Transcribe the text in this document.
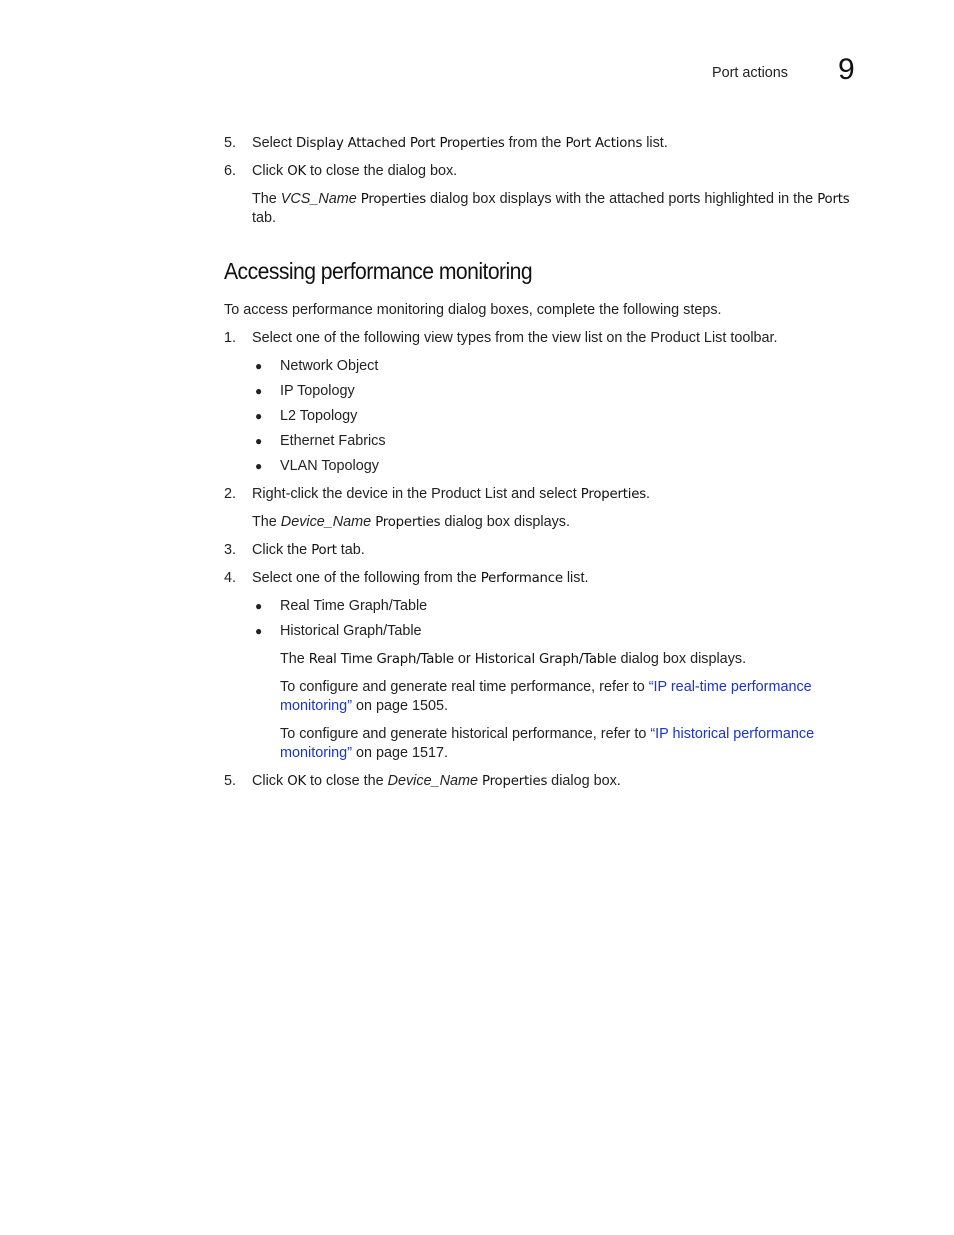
Port actions 9
5. Select Display Attached Port Properties from the Port Actions list.
6. Click OK to close the dialog box.
The VCS_Name Properties dialog box displays with the attached ports highlighted in the Ports tab.
Accessing performance monitoring
To access performance monitoring dialog boxes, complete the following steps.
1. Select one of the following view types from the view list on the Product List toolbar.
● Network Object
● IP Topology
● L2 Topology
● Ethernet Fabrics
● VLAN Topology
2. Right-click the device in the Product List and select Properties.
The Device_Name Properties dialog box displays.
3. Click the Port tab.
4. Select one of the following from the Performance list.
● Real Time Graph/Table
● Historical Graph/Table
The Real Time Graph/Table or Historical Graph/Table dialog box displays.
To configure and generate real time performance, refer to “IP real-time performance monitoring” on page 1505.
To configure and generate historical performance, refer to “IP historical performance monitoring” on page 1517.
5. Click OK to close the Device_Name Properties dialog box.
